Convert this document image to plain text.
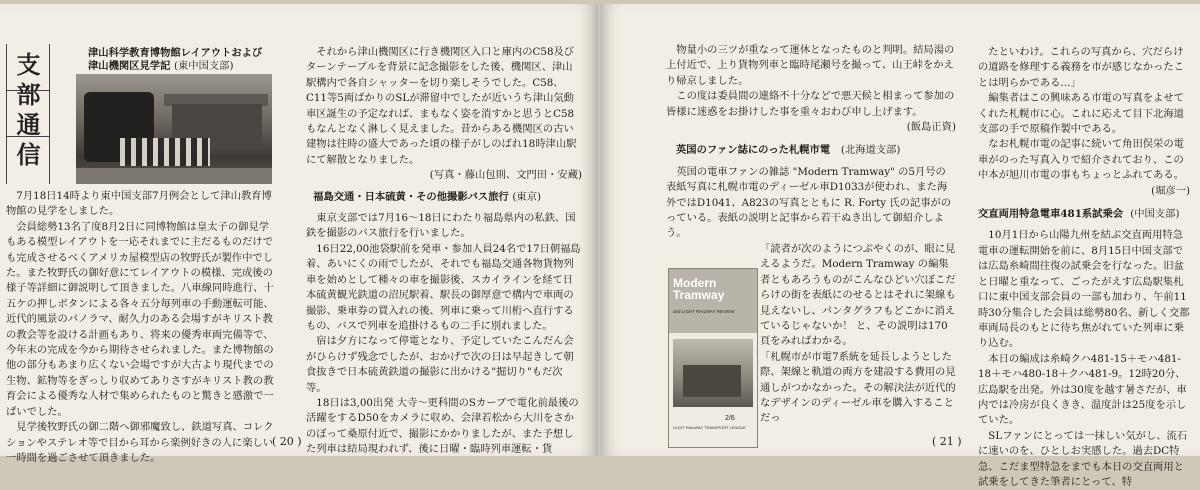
支部通信	津山科学教育博物館レイアウトおよび
津山機関区見学記 (東中国支部)

7月18日14時より東中国支部7月例会として津山教育博物館の見学をしました。

会員総勢13名了度8月2日に同博物館は皇太子の御見学もある模型レイアウトを一応それまでに主だるものだけでも完成させるべくアメリカ屋模型店の牧野氏が製作中でした。また牧野氏の御好意にてレイアウトの模様、完成後の様子等詳細に御説明して頂きました。八車線同時進行、十五ケの押しボタンによる各々五分毎列車の手動運転可能、近代的風景のパノラマ、耐久力のある会場すがキリスト教の教会等を設ける計画もあり、将来の優秀車両完備等で、今年末の完成を今から期待させられました。また博物館の他の部分もあまり広くない会場ですが大古より現代までの生物、鉱物等をぎっしり収めてありさすがキリスト教の教育会による優秀な人材で集められたものと驚きと感激で一ぱいでした。

見学後牧野氏の御二階へ御邪魔致し、鉄道写真、コレクションやステレオ等で目から耳から楽例好きの人に楽しい一時間を過ごさせて頂きました。

それから津山機関区に行き機関区入口と庫内のC58及びターンテーブルを背景に記念撮影をした後、機関区、津山駅構内で各自シャッターを切り楽しそうでした。C58、C11等5両ばかりのSLが滞留中でしたが近いうち津山気動車区誕生の予定なれば、まもなく姿を消すかと思うとC58もなんとなく淋しく見えました。昔からある機関区の古い建物は往時の盛大であった頃の様子がしのばれ18時津山駅にて解散となりました。

(写真・藤山包則、文門田・安蔵)
福島交通・日本硫黄・その他撮影バス旅行 (東京)

東京支部では7月16〜18日にわたり福島県内の私鉄、国鉄を撮影のバス旅行を行いました。

16日22,00池袋駅前を発車・参加人員24名で17日朝福島着、あいにくの雨でしたが、それでも福島交通各物貨物列車を始めとして種々の車を撮影後、スカイラインを経て日本硫黄観光鉄道の沼尻駅着、駅長の御厚意で構内で車両の撮影、乗車券の買入れの後、列車に乗って川桁へ直行するもの、バスで列車を追掛けるもの二手に別れました。

宿は夕方になって停電となり、予定していたこんだん会がひらけず残念でしたが、おかげで次の日は早起きして朝食抜きで日本硫黄鉄道の撮影に出かける"掘切り"もだ次等。

18日は3,00出発 大寺〜更科間のSカーブで電化前最後の活躍をするD50をカメラに収め、会津若松から大川をさかのぼって桑原付近で、撮影にかかりましたが、また予想した列車は結局現われず、後に日曜・臨時列車運転・貨

( 20 )

物量小の三ツが重なって運休となったものと判明。結局湯の上付近で、上り貨物列車と臨時尾瀬号を撮って、山王峠をかえり帰京しました。

この度は委員間の連絡不十分などで悪天候と相まって参加の皆様に迷惑をお掛けした事を重々おわび申し上げます。

(飯島正資)
英国のファン誌にのった札幌市電 (北海道支部)

英国の電車ファンの雑誌 "Modern Tramway" の5月号の表紙写真に札幌市電のディーゼル車D1033が使われ、また海外ではD1041、A823の写真とともに R. Forty 氏の記事がのっている。表紙の説明と記事から若干ぬき出して御紹介しよう。

「読者が次のようにつぶやくのが、眼に見えるようだ。Modern Tramway の編集者ともあろうものがこんなひどい穴ぼこだらけの街を表紙にのせるとはそれに架線も見えないし、パンタグラフもどこかに消えているじゃないか！ と、その説明は170頁をみればわかる。

「札幌市が市電7系統を延長しようとした際、架線と軌道の両方を建設する費用の見通しがつかなかった。その解決法が近代的なデザインのディーゼル車を購入することだっ

Modern
Tramway
and LIGHT RAILWAY REVIEW
2/6
LIGHT RAILWAY TRANSPORT LEAGUE

たといわけ。これらの写真から、穴だらけの道路を修理する義務を市が感じなかったことは明らかである…」

編集者はこの興味ある市電の写真をよせてくれた札幌市に心。これに応えて目下北海道支部の手で原稿作製中である。

なお札幌市電の記事に続いて角田俣栄の電車がのった写真入りで紹介されており、この中本が旭川市電の事もちょっとふれてある。

(堀彦一)
交直両用特急電車481系試乗会 (中国支部)

10月1日から山陽九州を結ぶ交直両用特急電車の運転開始を前に、8月15日中国支部では広島糸崎間往復の試乗会を行なった。旧盆と日曜と重なって、ごったがえす広島駅集札口に東中国支部会員の一部も加わり、午前11時30分集合した会員は総勢80名、新しく交都車両局長のもとに待ち焦がれていた列車に乗り込む。

本日の編成は糸崎クハ481-15＋モハ481-18＋モハ480-18＋クハ481-9。12時20分、広島駅を出発。外は30度を越す暑さだが、車内では冷房が良くきき、温度計は25度を示していた。

SLファンにとっては一抹しい気がし、流石に速いのを、ひとしお実感した。過去DC特急、こだま型特急をまでも本日の交直両用と試乗をしてきた筆者にとって、特

( 21 )
